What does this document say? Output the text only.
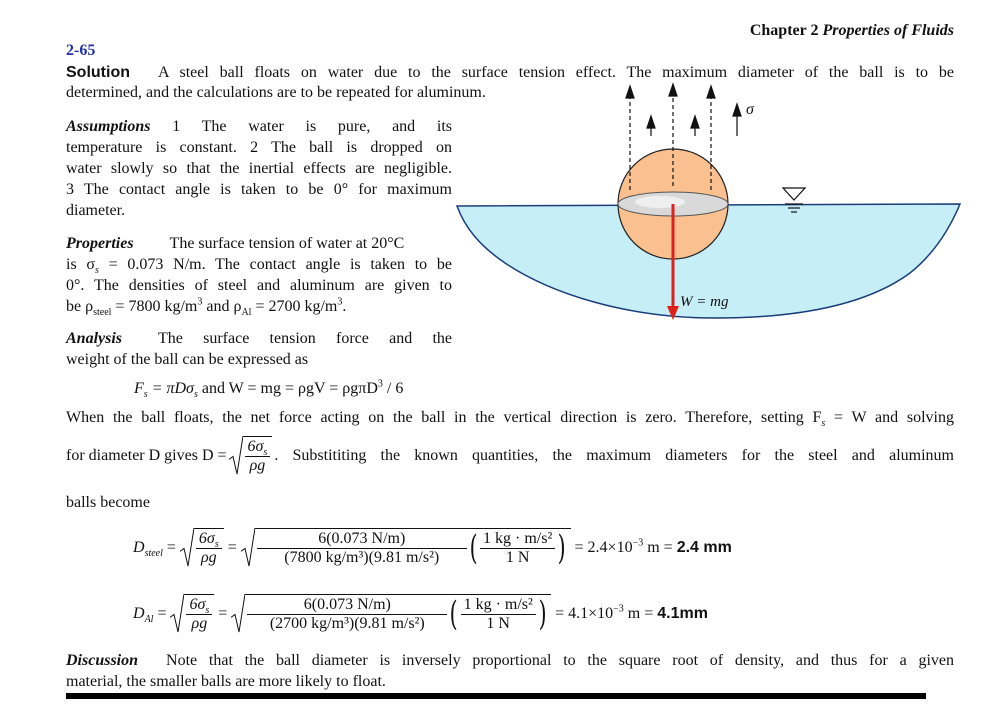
Chapter 2 Properties of Fluids
2-65
Solution A steel ball floats on water due to the surface tension effect. The maximum diameter of the ball is to be
determined, and the calculations are to be repeated for aluminum.
Assumptions 1 The water is pure, and its
temperature is constant. 2 The ball is dropped on
water slowly so that the inertial effects are negligible.
3 The contact angle is taken to be 0° for maximum
diameter.
Properties The surface tension of water at 20°C
is $\sigma_s = 0.073$ N/m. The contact angle is taken to be
0°. The densities of steel and aluminum are given to
be $\rho_{steel} = 7800$ $kg/m^3$ and $\rho_{Al} = 2700$ $kg/m^3$.
Analysis The surface tension force and the
weight of the ball can be expressed as
$F_s = \pi D\sigma_s$ and W = mg = ρgV = ρgπD$^3$ / 6
When the ball floats, the net force acting on the ball in the vertical direction is zero. Therefore, setting $F_s = W$ and solving
for diameter D gives $D = \frac{6\sigma_s}{\rho g}$ . Substititing the known quantities, the maximum diameters for the steel and aluminum
balls become
$D_{steel} = \frac{6\sigma_s}{\rho g} = \frac{6(0.073 N/m)}{\text{(7800 kg/m³)(9.81 m/s²)}}$ ( $\frac{\text{1 kg · m/s²}}{1 N}$ ) = $2.4\times 10^{-3}$ m = 2.4 mm
$D_{Al} = \frac{6\sigma_s}{\rho g} = \frac{6(0.073 N/m)}{\text{(2700 kg/m³)(9.81 m/s²)}}$ ( $\frac{\text{1 kg · m/s²}}{1 N}$ ) = $4.1\times 10^{-3}$ m = 4.1mm
Discussion Note that the ball diameter is inversely proportional to the square root of density, and thus for a given
material, the smaller balls are more likely to float.
σ
W = mg
